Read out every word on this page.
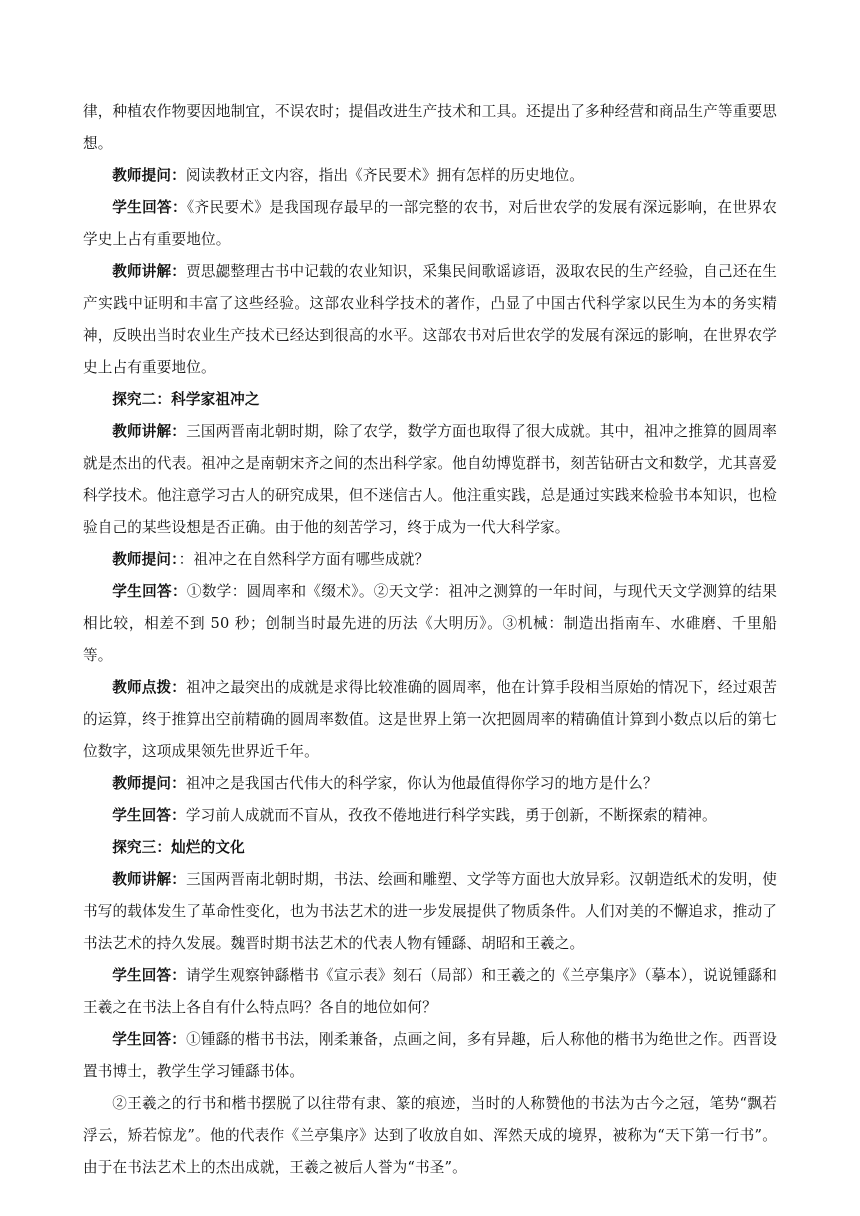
律，种植农作物要因地制宜，不误农时；提倡改进生产技术和工具。还提出了多种经营和商品生产等重要思想。

教师提问：阅读教材正文内容，指出《齐民要术》拥有怎样的历史地位。

学生回答：《齐民要术》是我国现存最早的一部完整的农书，对后世农学的发展有深远影响，在世界农学史上占有重要地位。

教师讲解：贾思勰整理古书中记载的农业知识，采集民间歌谣谚语，汲取农民的生产经验，自己还在生产实践中证明和丰富了这些经验。这部农业科学技术的著作，凸显了中国古代科学家以民生为本的务实精神，反映出当时农业生产技术已经达到很高的水平。这部农书对后世农学的发展有深远的影响，在世界农学史上占有重要地位。

探究二：科学家祖冲之

教师讲解：三国两晋南北朝时期，除了农学，数学方面也取得了很大成就。其中，祖冲之推算的圆周率就是杰出的代表。祖冲之是南朝宋齐之间的杰出科学家。他自幼博览群书，刻苦钻研古文和数学，尤其喜爱科学技术。他注意学习古人的研究成果，但不迷信古人。他注重实践，总是通过实践来检验书本知识，也检验自己的某些设想是否正确。由于他的刻苦学习，终于成为一代大科学家。

教师提问：：祖冲之在自然科学方面有哪些成就？

学生回答：①数学：圆周率和《缀术》。②天文学：祖冲之测算的一年时间，与现代天文学测算的结果相比较，相差不到 50 秒；创制当时最先进的历法《大明历》。③机械：制造出指南车、水碓磨、千里船等。

教师点拨：祖冲之最突出的成就是求得比较准确的圆周率，他在计算手段相当原始的情况下，经过艰苦的运算，终于推算出空前精确的圆周率数值。这是世界上第一次把圆周率的精确值计算到小数点以后的第七位数字，这项成果领先世界近千年。

教师提问：祖冲之是我国古代伟大的科学家，你认为他最值得你学习的地方是什么？

学生回答：学习前人成就而不盲从，孜孜不倦地进行科学实践，勇于创新，不断探索的精神。

探究三：灿烂的文化

教师讲解：三国两晋南北朝时期，书法、绘画和雕塑、文学等方面也大放异彩。汉朝造纸术的发明，使书写的载体发生了革命性变化，也为书法艺术的进一步发展提供了物质条件。人们对美的不懈追求，推动了书法艺术的持久发展。魏晋时期书法艺术的代表人物有锺繇、胡昭和王羲之。

学生回答：请学生观察钟繇楷书《宣示表》刻石（局部）和王羲之的《兰亭集序》（摹本），说说锺繇和王羲之在书法上各自有什么特点吗？各自的地位如何？

学生回答：①锺繇的楷书书法，刚柔兼备，点画之间，多有异趣，后人称他的楷书为绝世之作。西晋设置书博士，教学生学习锺繇书体。

②王羲之的行书和楷书摆脱了以往带有隶、篆的痕迹，当时的人称赞他的书法为古今之冠，笔势“飘若浮云，矫若惊龙”。他的代表作《兰亭集序》达到了收放自如、浑然天成的境界，被称为“天下第一行书”。由于在书法艺术上的杰出成就，王羲之被后人誉为“书圣”。
